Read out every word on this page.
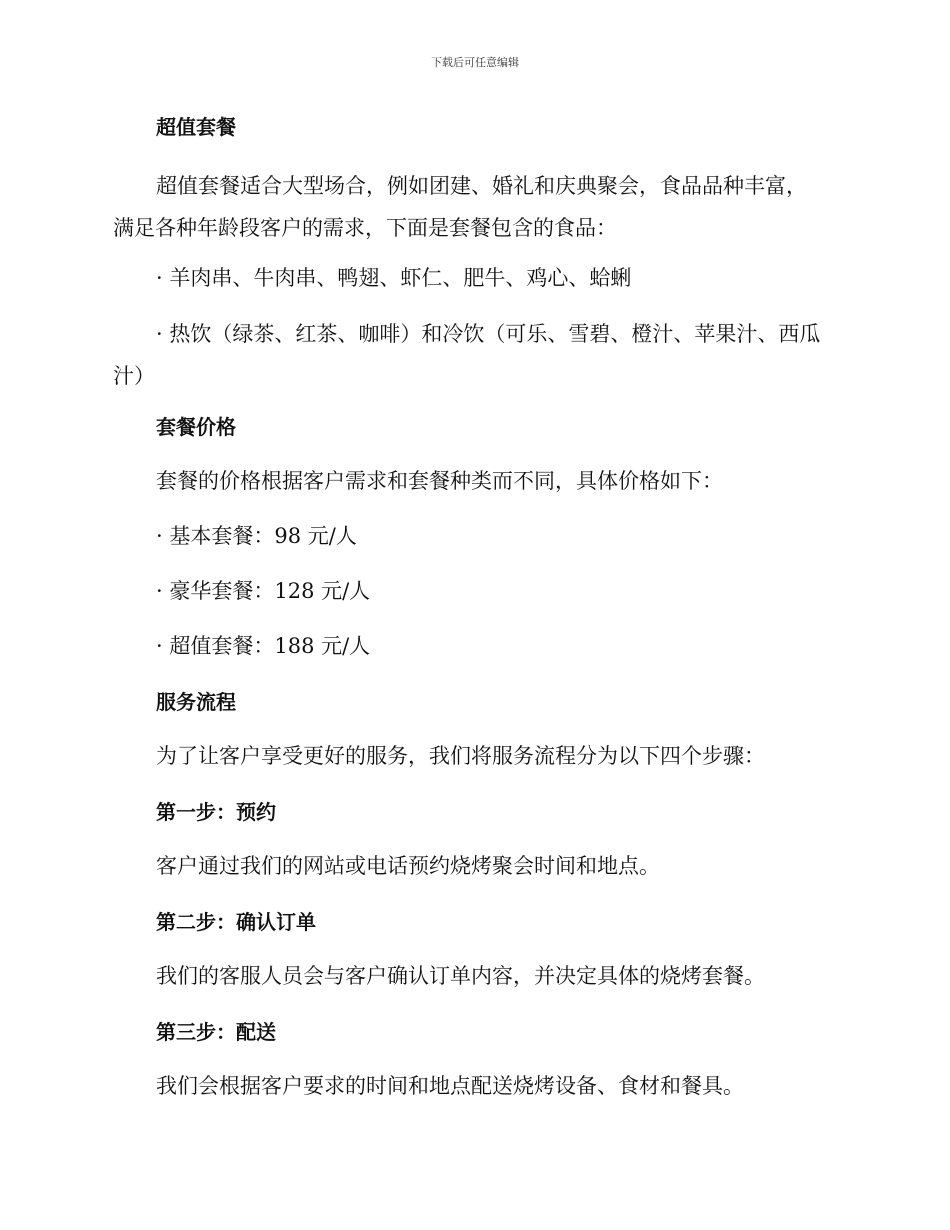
下载后可任意编辑
超值套餐

超值套餐适合大型场合，例如团建、婚礼和庆典聚会，食品品种丰富，满足各种年龄段客户的需求，下面是套餐包含的食品：

· 羊肉串、牛肉串、鸭翅、虾仁、肥牛、鸡心、蛤蜊

· 热饮（绿茶、红茶、咖啡）和冷饮（可乐、雪碧、橙汁、苹果汁、西瓜汁）

套餐价格

套餐的价格根据客户需求和套餐种类而不同，具体价格如下：

· 基本套餐：98 元/人

· 豪华套餐：128 元/人

· 超值套餐：188 元/人

服务流程

为了让客户享受更好的服务，我们将服务流程分为以下四个步骤：

第一步：预约

客户通过我们的网站或电话预约烧烤聚会时间和地点。

第二步：确认订单

我们的客服人员会与客户确认订单内容，并决定具体的烧烤套餐。

第三步：配送

我们会根据客户要求的时间和地点配送烧烤设备、食材和餐具。
